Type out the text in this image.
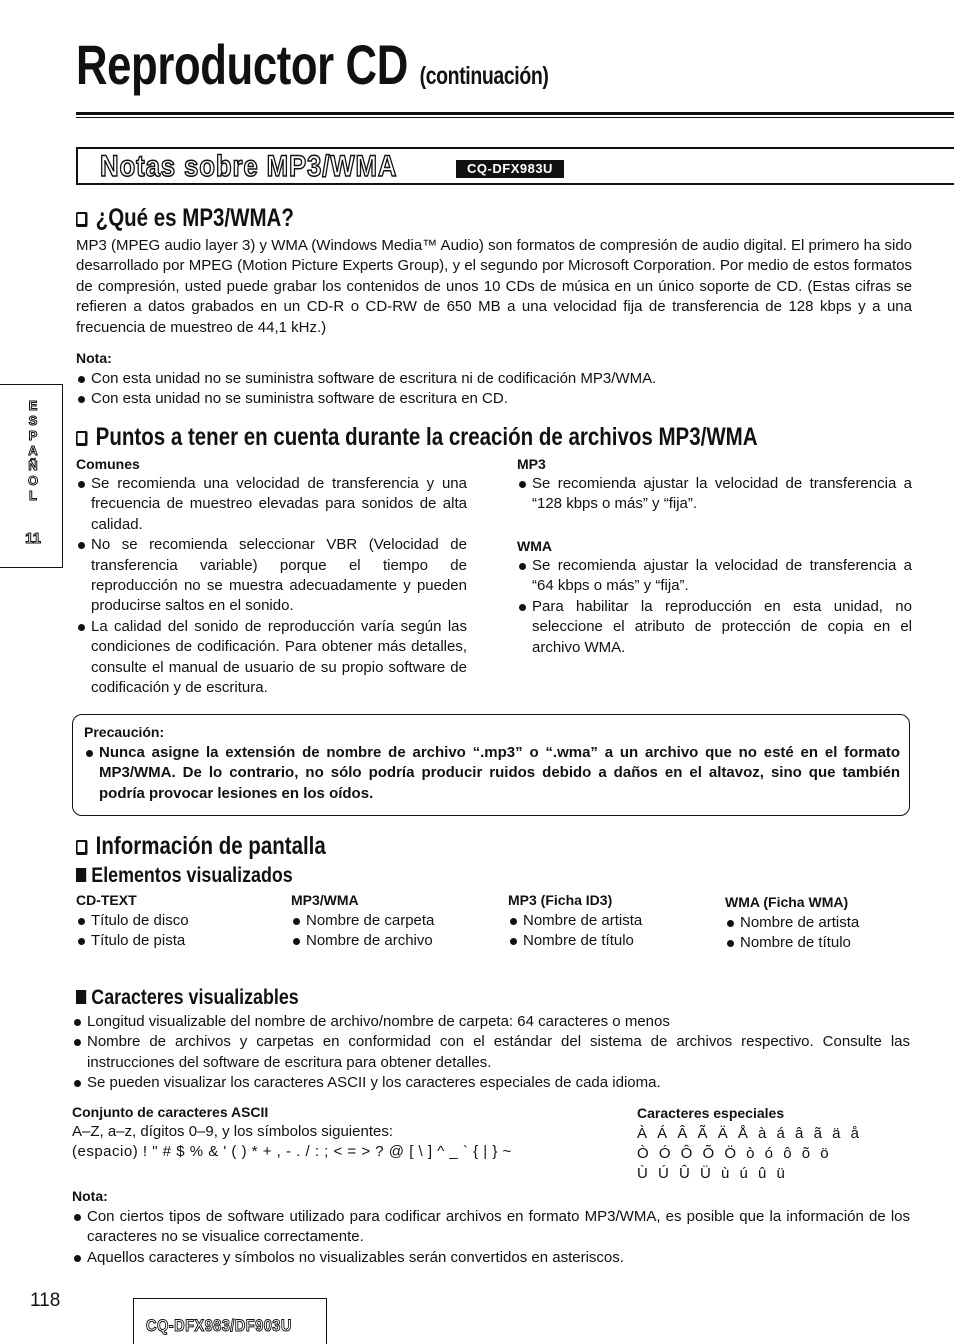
Reproductor CD (continuación)
Notas sobre MP3/WMA	CQ-DFX983U
E
S
P
A
Ñ
O
L
11
¿Qué es MP3/WMA?
MP3 (MPEG audio layer 3) y WMA (Windows Media™ Audio) son formatos de compresión de audio digital. El primero ha sido desarrollado por MPEG (Motion Picture Experts Group), y el segundo por Microsoft Corporation. Por medio de estos formatos de compresión, usted puede grabar los contenidos de unos 10 CDs de música en un único soporte de CD. (Estas cifras se refieren a datos grabados en un CD-R o CD-RW de 650 MB a una velocidad fija de transferencia de 128 kbps y a una frecuencia de muestreo de 44,1 kHz.)
Nota:
Con esta unidad no se suministra software de escritura ni de codificación MP3/WMA.
Con esta unidad no se suministra software de escritura en CD.
Puntos a tener en cuenta durante la creación de archivos MP3/WMA
Comunes
Se recomienda una velocidad de transferencia y una frecuencia de muestreo elevadas para sonidos de alta calidad.
No se recomienda seleccionar VBR (Velocidad de transferencia variable) porque el tiempo de reproducción no se muestra adecuadamente y pueden producirse saltos en el sonido.
La calidad del sonido de reproducción varía según las condiciones de codificación. Para obtener más detalles, consulte el manual de usuario de su propio software de codificación y de escritura.
MP3
Se recomienda ajustar la velocidad de transferencia a “128 kbps o más” y “fija”.
WMA
Se recomienda ajustar la velocidad de transferencia a “64 kbps o más” y “fija”.
Para habilitar la reproducción en esta unidad, no seleccione el atributo de protección de copia en el archivo WMA.
Precaución:
Nunca asigne la extensión de nombre de archivo “.mp3” o “.wma” a un archivo que no esté en el formato MP3/WMA. De lo contrario, no sólo podría producir ruidos debido a daños en el altavoz, sino que también podría provocar lesiones en los oídos.
Información de pantalla
Elementos visualizados
CD-TEXT
Título de disco
Título de pista
MP3/WMA
Nombre de carpeta
Nombre de archivo
MP3 (Ficha ID3)
Nombre de artista
Nombre de título
WMA (Ficha WMA)
Nombre de artista
Nombre de título
Caracteres visualizables
Longitud visualizable del nombre de archivo/nombre de carpeta: 64 caracteres o menos
Nombre de archivos y carpetas en conformidad con el estándar del sistema de archivos respectivo. Consulte las instrucciones del software de escritura para obtener detalles.
Se pueden visualizar los caracteres ASCII y los caracteres especiales de cada idioma.
Conjunto de caracteres ASCII
A–Z, a–z, dígitos 0–9, y los símbolos siguientes:
(espacio) ! " # $ % & ' ( ) * + , - . / : ; < = > ? @ [ \ ] ^ _ ` { | } ~
Caracteres especiales
À Á Â Ã Ä Å à á â ã ä å
Ò Ó Ô Õ Ö ò ó ô õ ö
Ù Ú Û Ü ù ú û ü
Nota:
Con ciertos tipos de software utilizado para codificar archivos en formato MP3/WMA, es posible que la información de los caracteres no se visualice correctamente.
Aquellos caracteres y símbolos no visualizables serán convertidos en asteriscos.
118
CQ-DFX983/DF903U
